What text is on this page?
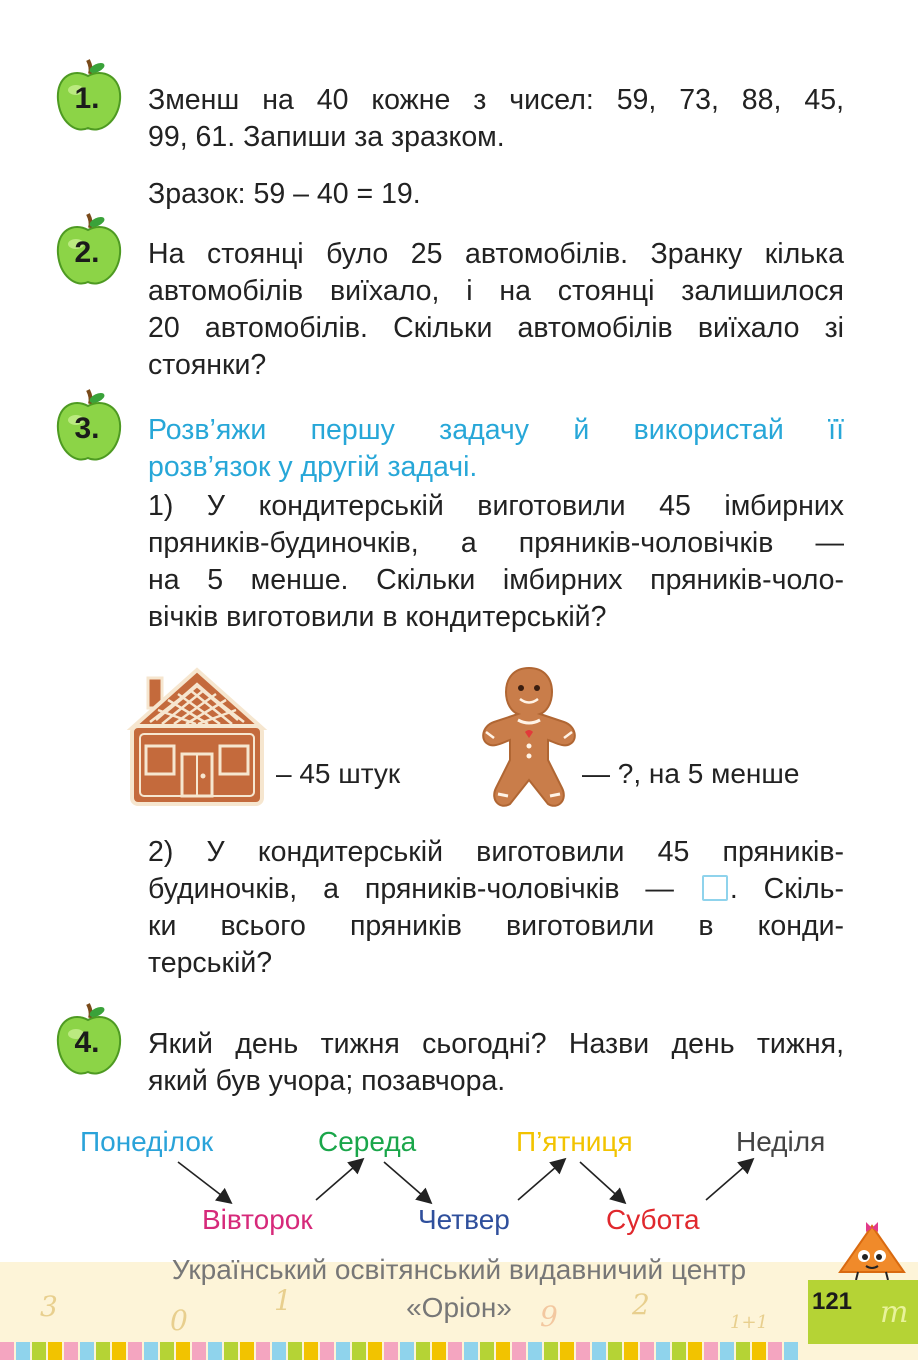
1.
2.
3.
4.
Зменш на 40 кожне з чисел: 59, 73, 88, 45,
99, 61. Запиши за зразком.
Зразок: 59 – 40 = 19.
На стоянці було 25 автомобілів. Зранку кілька
автомобілів виїхало, і на стоянці залишилося
20 автомобілів. Скільки автомобілів виїхало зі
стоянки?
Розв’яжи першу задачу й використай її
розв’язок у другій задачі.
1) У кондитерській виготовили 45 імбирних
пряників-будиночків, а пряників-чоловічків —
на 5 менше. Скільки імбирних пряників-чоло-
вічків виготовили в кондитерській?
– 45 штук	— ?, на 5 менше
2) У кондитерській виготовили 45 пряників-
будиночків, а пряників-чоловічків — . Скіль-
ки всього пряників виготовили в конди-
терській?
Який день тижня сьогодні? Назви день тижня,
який був учора; позавчора.
Понеділок	Середа	П’ятниця	Неділя
Вівторок	Четвер	Субота
3	0
1	9	2
1+1	m
Український освітянський видавничий центр
«Оріон»	121
